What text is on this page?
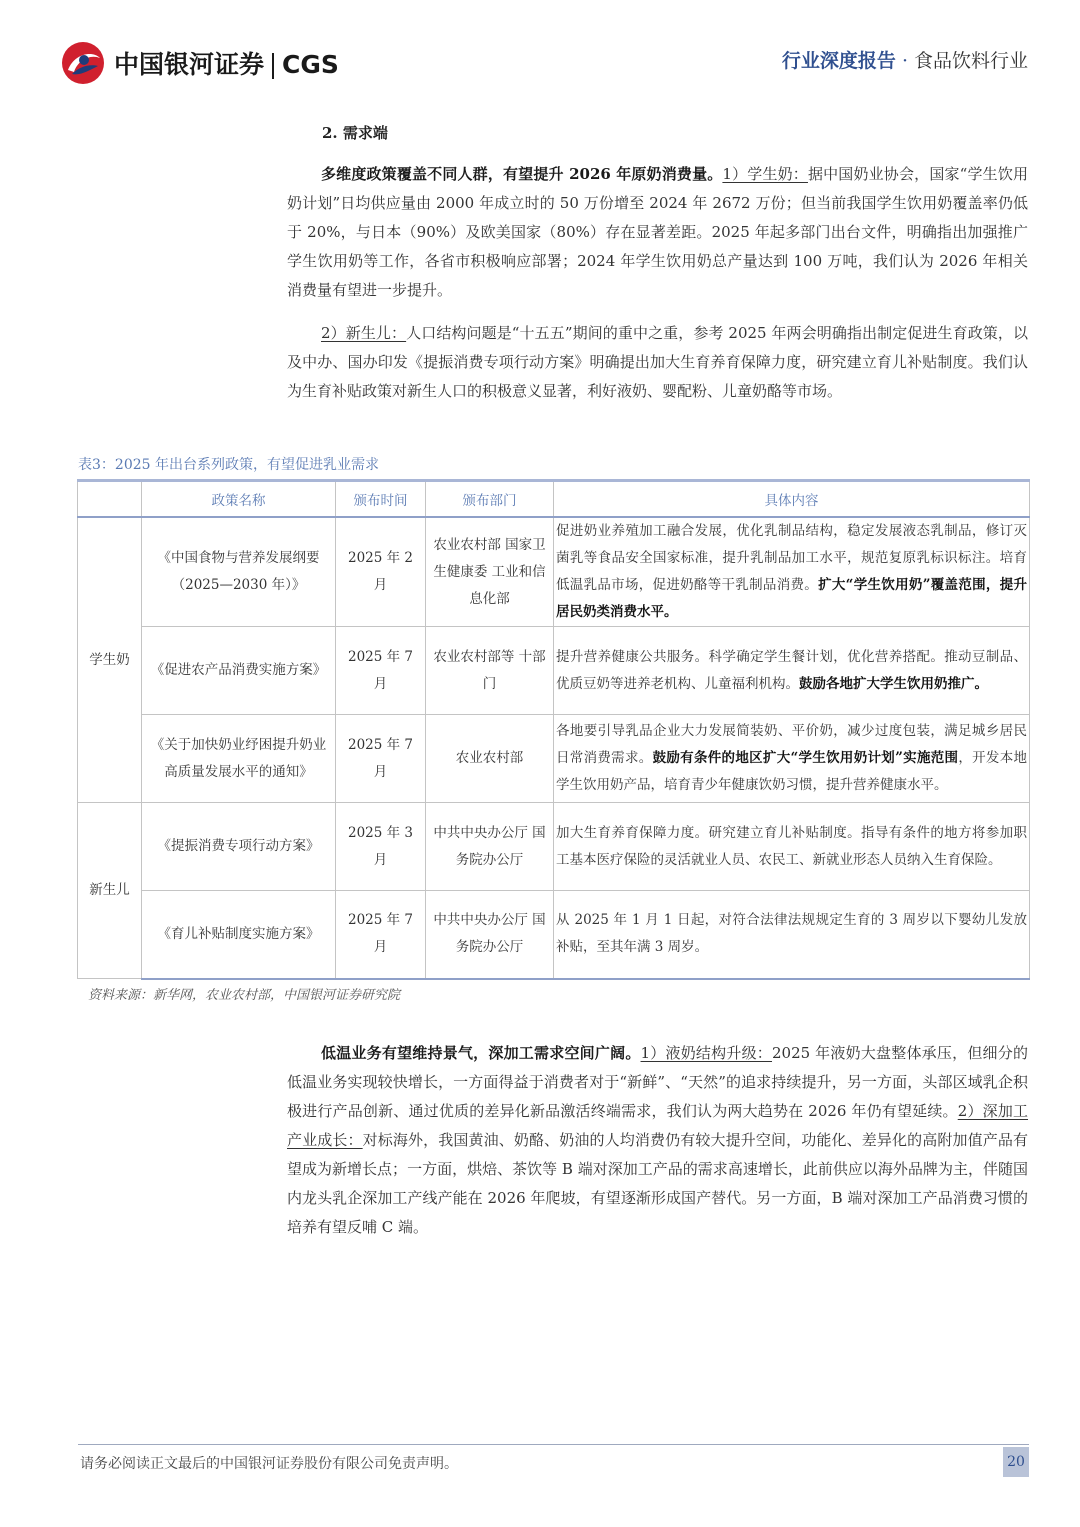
中国银河证券 CGS	行业深度报告 · 食品饮料行业
2. 需求端

多维度政策覆盖不同人群，有望提升 2026 年原奶消费量。1）学生奶：据中国奶业协会，国家“学生饮用奶计划”日均供应量由 2000 年成立时的 50 万份增至 2024 年 2672 万份；但当前我国学生饮用奶覆盖率仍低于 20%，与日本（90%）及欧美国家（80%）存在显著差距。2025 年起多部门出台文件，明确指出加强推广学生饮用奶等工作，各省市积极响应部署；2024 年学生饮用奶总产量达到 100 万吨，我们认为 2026 年相关消费量有望进一步提升。

2）新生儿：人口结构问题是“十五五”期间的重中之重，参考 2025 年两会明确指出制定促进生育政策，以及中办、国办印发《提振消费专项行动方案》明确提出加大生育养育保障力度，研究建立育儿补贴制度。我们认为生育补贴政策对新生人口的积极意义显著，利好液奶、婴配粉、儿童奶酪等市场。

表3：2025 年出台系列政策，有望促进乳业需求
	政策名称	颁布时间	颁布部门	具体内容
学生奶	《中国食物与营养发展纲要（2025—2030 年）》	2025 年 2 月	农业农村部 国家卫生健康委 工业和信息化部	促进奶业养殖加工融合发展，优化乳制品结构，稳定发展液态乳制品，修订灭菌乳等食品安全国家标准，提升乳制品加工水平，规范复原乳标识标注。培育低温乳品市场，促进奶酪等干乳制品消费。扩大“学生饮用奶”覆盖范围，提升居民奶类消费水平。
	《促进农产品消费实施方案》	2025 年 7 月	农业农村部等 十部门	提升营养健康公共服务。科学确定学生餐计划，优化营养搭配。推动豆制品、优质豆奶等进养老机构、儿童福利机构。鼓励各地扩大学生饮用奶推广。
	《关于加快奶业纾困提升奶业高质量发展水平的通知》	2025 年 7 月	农业农村部	各地要引导乳品企业大力发展简装奶、平价奶，减少过度包装，满足城乡居民日常消费需求。鼓励有条件的地区扩大“学生饮用奶计划”实施范围，开发本地学生饮用奶产品，培育青少年健康饮奶习惯，提升营养健康水平。
新生儿	《提振消费专项行动方案》	2025 年 3 月	中共中央办公厅 国务院办公厅	加大生育养育保障力度。研究建立育儿补贴制度。指导有条件的地方将参加职工基本医疗保险的灵活就业人员、农民工、新就业形态人员纳入生育保险。
	《育儿补贴制度实施方案》	2025 年 7 月	中共中央办公厅 国务院办公厅	从 2025 年 1 月 1 日起，对符合法律法规规定生育的 3 周岁以下婴幼儿发放补贴，至其年满 3 周岁。
资料来源：新华网，农业农村部，中国银河证券研究院

低温业务有望维持景气，深加工需求空间广阔。1）液奶结构升级：2025 年液奶大盘整体承压，但细分的低温业务实现较快增长，一方面得益于消费者对于“新鲜”、“天然”的追求持续提升，另一方面，头部区域乳企积极进行产品创新、通过优质的差异化新品激活终端需求，我们认为两大趋势在 2026 年仍有望延续。2）深加工产业成长：对标海外，我国黄油、奶酪、奶油的人均消费仍有较大提升空间，功能化、差异化的高附加值产品有望成为新增长点；一方面，烘焙、茶饮等 B 端对深加工产品的需求高速增长，此前供应以海外品牌为主，伴随国内龙头乳企深加工产线产能在 2026 年爬坡，有望逐渐形成国产替代。另一方面，B 端对深加工产品消费习惯的培养有望反哺 C 端。

请务必阅读正文最后的中国银河证券股份有限公司免责声明。	20
